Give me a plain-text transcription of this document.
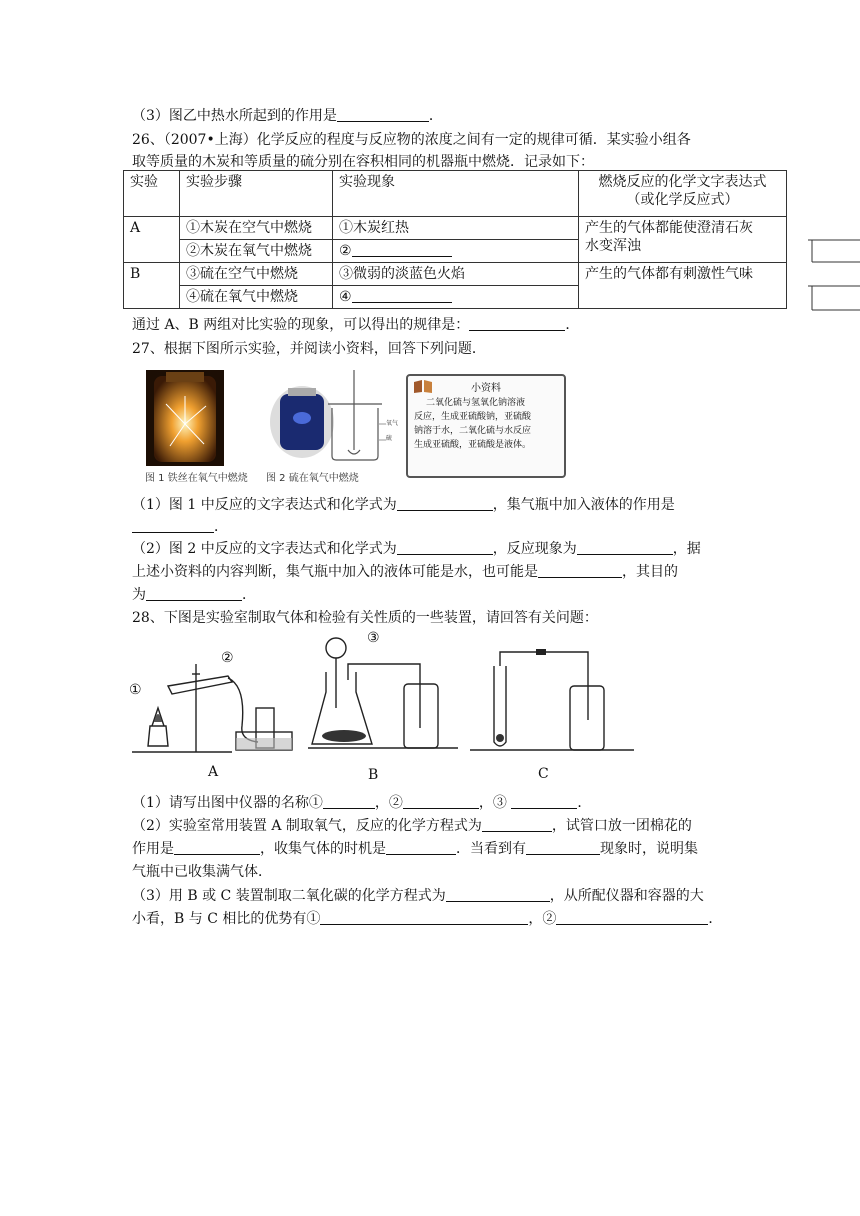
（3）图乙中热水所起到的作用是	．
26、（2007•上海）化学反应的程度与反应物的浓度之间有一定的规律可循．某实验小组各
取等质量的木炭和等质量的硫分别在容积相同的机器瓶中燃烧．记录如下：
实验	实验步骤	实验现象	燃烧反应的化学文字表达式
（或化学反应式）

A	①木炭在空气中燃烧	①木炭红热	产生的气体都能使澄清石灰
水变浑浊

	②木炭在氧气中燃烧	②	
B	③硫在空气中燃烧	③微弱的淡蓝色火焰	产生的气体都有刺激性气味
	④硫在氧气中燃烧	④	
通过 A、B 两组对比实验的现象，可以得出的规律是：	．
27、根据下图所示实验，并阅读小资料，回答下列问题．
图 1 铁丝在氧气中燃烧
氧气
硫
图 2 硫在氧气中燃烧
小资料
二氧化硫与氢氧化钠溶液
反应，生成亚硫酸钠，亚硫酸
钠溶于水，二氧化硫与水反应
生成亚硫酸，亚硫酸是液体。
（1）图 1 中反应的文字表达式和化学式为	，集气瓶中加入液体的作用是
．
（2）图 2 中反应的文字表达式和化学式为	，反应现象为	，据
上述小资料的内容判断，集气瓶中加入的液体可能是水，也可能是	，其目的
为	．
28、下图是实验室制取气体和检验有关性质的一些装置，请回答有关问题：
①
②
A
③
B	C
（1）请写出图中仪器的名称①	，②	，③	．
（2）实验室常用装置 A 制取氧气，反应的化学方程式为	，试管口放一团棉花的
作用是	，收集气体的时机是	．当看到有	现象时，说明集
气瓶中已收集满气体．
（3）用 B 或 C 装置制取二氧化碳的化学方程式为	，从所配仪器和容器的大
小看，B 与 C 相比的优势有①	，②	．
